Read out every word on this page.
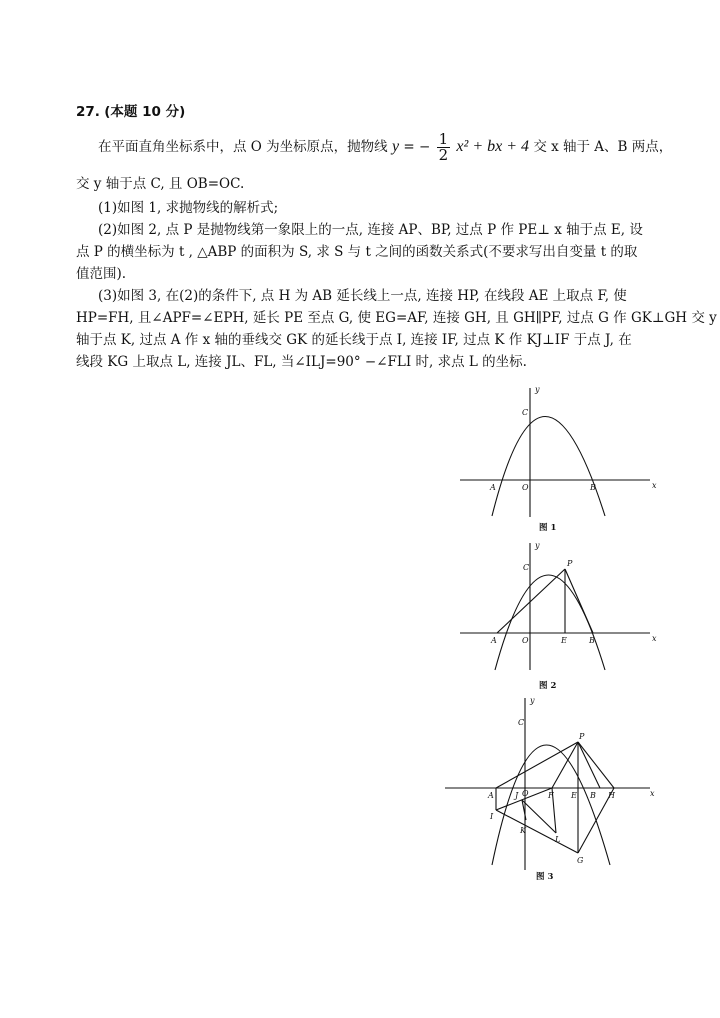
27. (本题 10 分)
在平面直角坐标系中，点 O 为坐标原点，抛物线 y = − $\frac{1}{2} x^2$ + bx + 4 交 x 轴于 A、B 两点，
交 y 轴于点 C, 且 OB=OC.
(1)如图 1, 求抛物线的解析式;
(2)如图 2, 点 P 是抛物线第一象限上的一点, 连接 AP、BP, 过点 P 作 PE⊥ x 轴于点 E, 设
点 P 的横坐标为 t , △ABP 的面积为 S, 求 S 与 t 之间的函数关系式(不要求写出自变量 t 的取
值范围).
(3)如图 3, 在(2)的条件下, 点 H 为 AB 延长线上一点, 连接 HP, 在线段 AE 上取点 F, 使
HP=FH, 且∠APF=∠EPH, 延长 PE 至点 G, 使 EG=AF, 连接 GH, 且 GH∥PF, 过点 G 作 GK⊥GH 交 y
轴于点 K, 过点 A 作 x 轴的垂线交 GK 的延长线于点 I, 连接 IF, 过点 K 作 KJ⊥IF 于点 J, 在
线段 KG 上取点 L, 连接 JL、FL, 当∠ILJ=90° −∠FLI 时, 求点 L 的坐标.
y
x
C
A	O	B
图 1
y
x
C	P
A	O	E	B
图 2
y
x
C
P
A	J O F E B H
I
K
L
G
图 3
